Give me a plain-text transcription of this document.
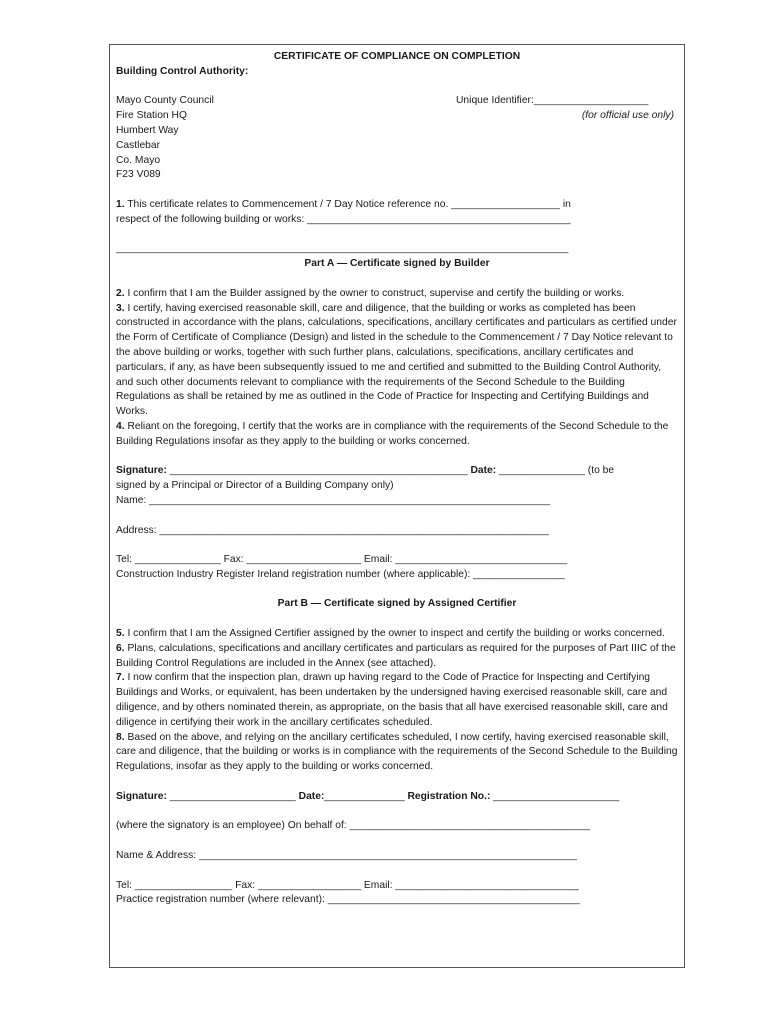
CERTIFICATE OF COMPLIANCE ON COMPLETION
Building Control Authority:
Mayo County Council	Unique Identifier:____________________
Fire Station HQ	(for official use only)
Humbert Way
Castlebar
Co. Mayo
F23 V089
1. This certificate relates to Commencement / 7 Day Notice reference no. ___________________ in
respect of the following building or works: ______________________________________________
_______________________________________________________________________________
Part A — Certificate signed by Builder

2. I confirm that I am the Builder assigned by the owner to construct, supervise and certify the building or works.

3. I certify, having exercised reasonable skill, care and diligence, that the building or works as completed has been constructed in accordance with the plans, calculations, specifications, ancillary certificates and particulars as certified under the Form of Certificate of Compliance (Design) and listed in the schedule to the Commencement / 7 Day Notice relevant to the above building or works, together with such further plans, calculations, specifications, ancillary certificates and particulars, if any, as have been subsequently issued to me and certified and submitted to the Building Control Authority, and such other documents relevant to compliance with the requirements of the Second Schedule to the Building Regulations as shall be retained by me as outlined in the Code of Practice for Inspecting and Certifying Buildings and Works.

4. Reliant on the foregoing, I certify that the works are in compliance with the requirements of the Second Schedule to the Building Regulations insofar as they apply to the building or works concerned.

Signature: ____________________________________________________ Date: _______________ (to be
signed by a Principal or Director of a Building Company only)
Name: ______________________________________________________________________
Address: ____________________________________________________________________
Tel: _______________ Fax: ____________________ Email: ______________________________
Construction Industry Register Ireland registration number (where applicable): ________________
Part B — Certificate signed by Assigned Certifier

5. I confirm that I am the Assigned Certifier assigned by the owner to inspect and certify the building or works concerned.

6. Plans, calculations, specifications and ancillary certificates and particulars as required for the purposes of Part IIIC of the Building Control Regulations are included in the Annex (see attached).

7. I now confirm that the inspection plan, drawn up having regard to the Code of Practice for Inspecting and Certifying Buildings and Works, or equivalent, has been undertaken by the undersigned having exercised reasonable skill, care and diligence, and by others nominated therein, as appropriate, on the basis that all have exercised reasonable skill, care and diligence in certifying their work in the ancillary certificates scheduled.

8. Based on the above, and relying on the ancillary certificates scheduled, I now certify, having exercised reasonable skill, care and diligence, that the building or works is in compliance with the requirements of the Second Schedule to the Building Regulations, insofar as they apply to the building or works concerned.

Signature: ______________________ Date:______________ Registration No.: ______________________
(where the signatory is an employee) On behalf of: __________________________________________
Name & Address: __________________________________________________________________
Tel: _________________ Fax: __________________ Email: ________________________________
Practice registration number (where relevant): ____________________________________________
